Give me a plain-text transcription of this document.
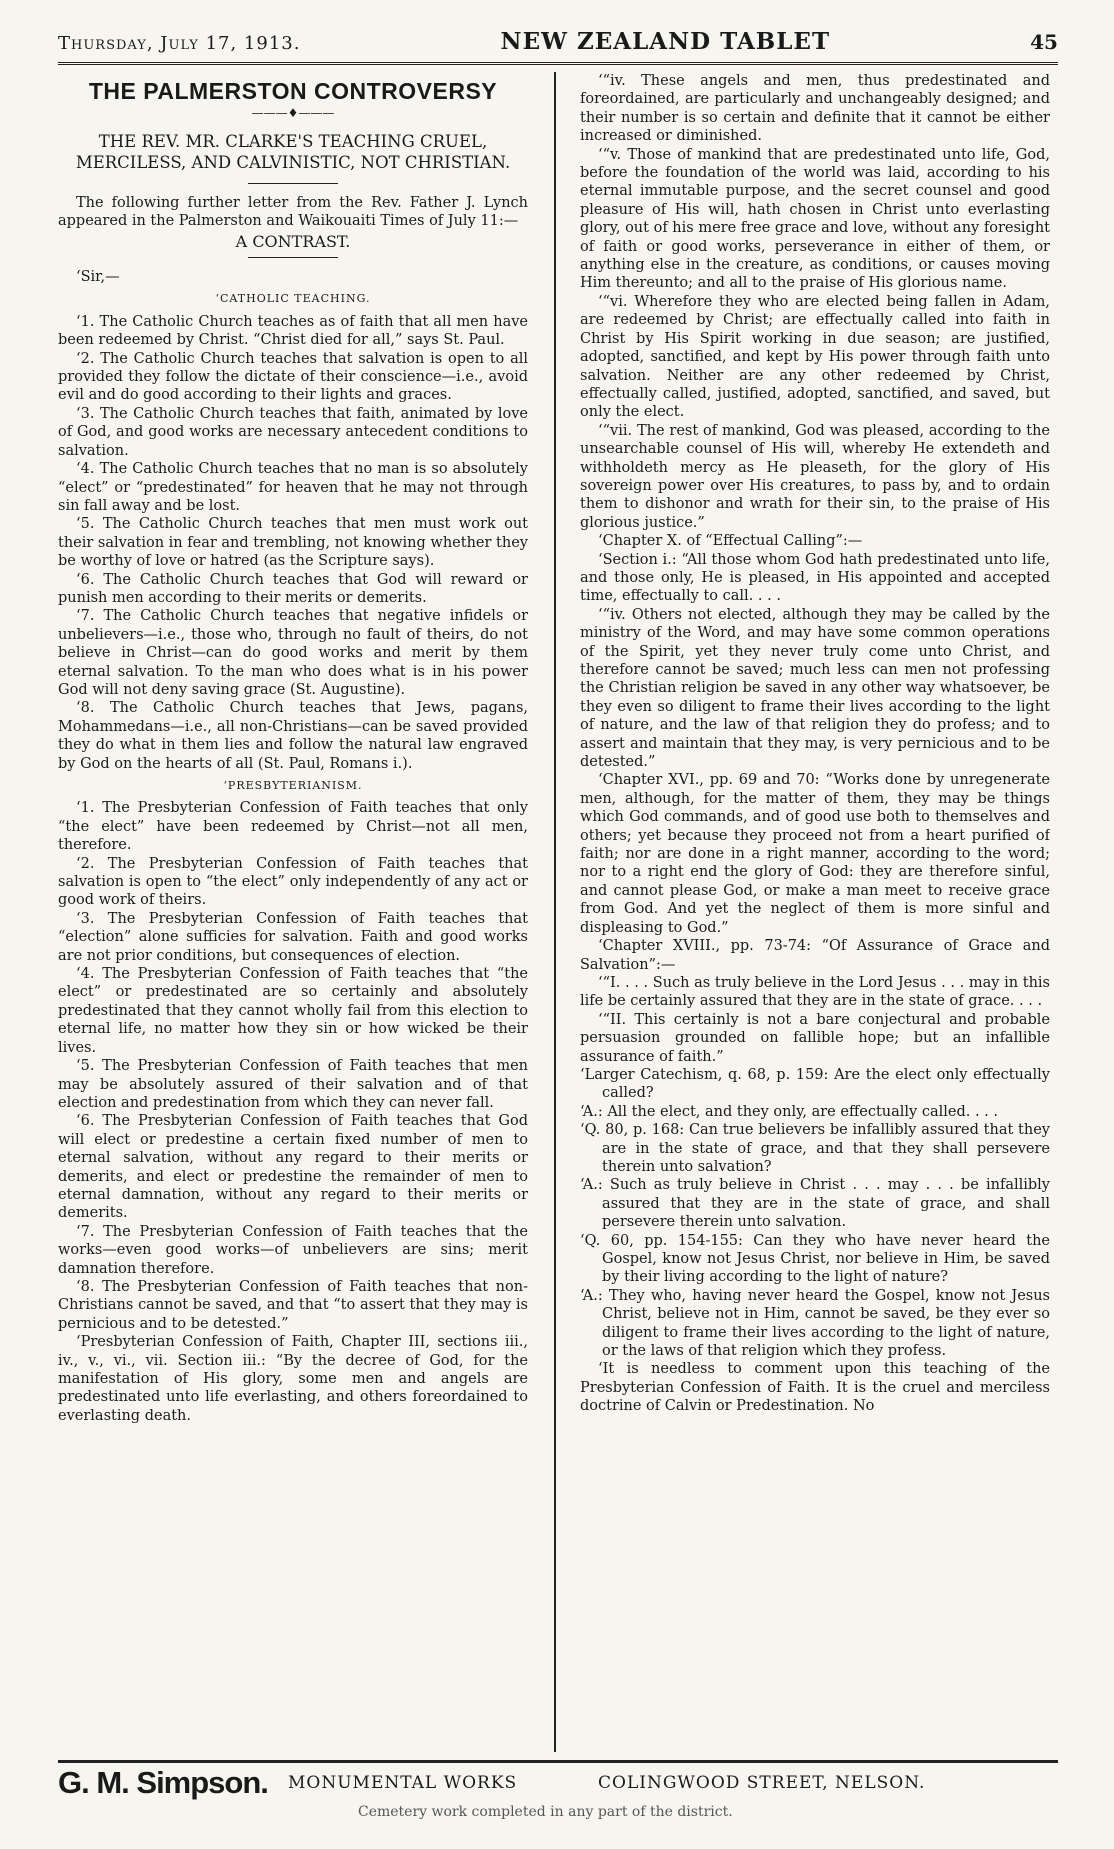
Thursday, July 17, 1913.	NEW ZEALAND TABLET	45
THE PALMERSTON CONTROVERSY
———♦———
THE REV. MR. CLARKE'S TEACHING CRUEL, MERCILESS, AND CALVINISTIC, NOT CHRISTIAN.

The following further letter from the Rev. Father J. Lynch appeared in the Palmerston and Waikouaiti Times of July 11:—

A CONTRAST.

‘Sir,—

‘CATHOLIC TEACHING.

‘1. The Catholic Church teaches as of faith that all men have been redeemed by Christ. “Christ died for all,” says St. Paul.

‘2. The Catholic Church teaches that salvation is open to all provided they follow the dictate of their conscience—i.e., avoid evil and do good according to their lights and graces.

‘3. The Catholic Church teaches that faith, animated by love of God, and good works are necessary antecedent conditions to salvation.

‘4. The Catholic Church teaches that no man is so absolutely “elect” or “predestinated” for heaven that he may not through sin fall away and be lost.

‘5. The Catholic Church teaches that men must work out their salvation in fear and trembling, not knowing whether they be worthy of love or hatred (as the Scripture says).

‘6. The Catholic Church teaches that God will reward or punish men according to their merits or demerits.

‘7. The Catholic Church teaches that negative infidels or unbelievers—i.e., those who, through no fault of theirs, do not believe in Christ—can do good works and merit by them eternal salvation. To the man who does what is in his power God will not deny saving grace (St. Augustine).

‘8. The Catholic Church teaches that Jews, pagans, Mohammedans—i.e., all non-Christians—can be saved provided they do what in them lies and follow the natural law engraved by God on the hearts of all (St. Paul, Romans i.).

‘PRESBYTERIANISM.

‘1. The Presbyterian Confession of Faith teaches that only “the elect” have been redeemed by Christ—not all men, therefore.

‘2. The Presbyterian Confession of Faith teaches that salvation is open to “the elect” only independently of any act or good work of theirs.

‘3. The Presbyterian Confession of Faith teaches that “election” alone sufficies for salvation. Faith and good works are not prior conditions, but consequences of election.

‘4. The Presbyterian Confession of Faith teaches that “the elect” or predestinated are so certainly and absolutely predestinated that they cannot wholly fail from this election to eternal life, no matter how they sin or how wicked be their lives.

‘5. The Presbyterian Confession of Faith teaches that men may be absolutely assured of their salvation and of that election and predestination from which they can never fall.

‘6. The Presbyterian Confession of Faith teaches that God will elect or predestine a certain fixed number of men to eternal salvation, without any regard to their merits or demerits, and elect or predestine the remainder of men to eternal damnation, without any regard to their merits or demerits.

‘7. The Presbyterian Confession of Faith teaches that the works—even good works—of unbelievers are sins; merit damnation therefore.

‘8. The Presbyterian Confession of Faith teaches that non-Christians cannot be saved, and that “to assert that they may is pernicious and to be detested.”

‘Presbyterian Confession of Faith, Chapter III, sections iii., iv., v., vi., vii. Section iii.: “By the decree of God, for the manifestation of His glory, some men and angels are predestinated unto life everlasting, and others foreordained to everlasting death.

‘“iv. These angels and men, thus predestinated and foreordained, are particularly and unchangeably designed; and their number is so certain and definite that it cannot be either increased or diminished.

‘“v. Those of mankind that are predestinated unto life, God, before the foundation of the world was laid, according to his eternal immutable purpose, and the secret counsel and good pleasure of His will, hath chosen in Christ unto everlasting glory, out of his mere free grace and love, without any foresight of faith or good works, perseverance in either of them, or anything else in the creature, as conditions, or causes moving Him thereunto; and all to the praise of His glorious name.

‘“vi. Wherefore they who are elected being fallen in Adam, are redeemed by Christ; are effectually called into faith in Christ by His Spirit working in due season; are justified, adopted, sanctified, and kept by His power through faith unto salvation. Neither are any other redeemed by Christ, effectually called, justified, adopted, sanctified, and saved, but only the elect.

‘“vii. The rest of mankind, God was pleased, according to the unsearchable counsel of His will, whereby He extendeth and withholdeth mercy as He pleaseth, for the glory of His sovereign power over His creatures, to pass by, and to ordain them to dishonor and wrath for their sin, to the praise of His glorious justice.”

‘Chapter X. of “Effectual Calling”:—

‘Section i.: “All those whom God hath predestinated unto life, and those only, He is pleased, in His appointed and accepted time, effectually to call. . . .

‘“iv. Others not elected, although they may be called by the ministry of the Word, and may have some common operations of the Spirit, yet they never truly come unto Christ, and therefore cannot be saved; much less can men not professing the Christian religion be saved in any other way whatsoever, be they even so diligent to frame their lives according to the light of nature, and the law of that religion they do profess; and to assert and maintain that they may, is very pernicious and to be detested.”

‘Chapter XVI., pp. 69 and 70: “Works done by unregenerate men, although, for the matter of them, they may be things which God commands, and of good use both to themselves and others; yet because they proceed not from a heart purified of faith; nor are done in a right manner, according to the word; nor to a right end the glory of God: they are therefore sinful, and cannot please God, or make a man meet to receive grace from God. And yet the neglect of them is more sinful and displeasing to God.”

‘Chapter XVIII., pp. 73-74: “Of Assurance of Grace and Salvation”:—

‘“I. . . . Such as truly believe in the Lord Jesus . . . may in this life be certainly assured that they are in the state of grace. . . .

‘“II. This certainly is not a bare conjectural and probable persuasion grounded on fallible hope; but an infallible assurance of faith.”

‘Larger Catechism, q. 68, p. 159: Are the elect only effectually called?

‘A.: All the elect, and they only, are effectually called. . . .

‘Q. 80, p. 168: Can true believers be infallibly assured that they are in the state of grace, and that they shall persevere therein unto salvation?

‘A.: Such as truly believe in Christ . . . may . . . be infallibly assured that they are in the state of grace, and shall persevere therein unto salvation.

‘Q. 60, pp. 154-155: Can they who have never heard the Gospel, know not Jesus Christ, nor believe in Him, be saved by their living according to the light of nature?

‘A.: They who, having never heard the Gospel, know not Jesus Christ, believe not in Him, cannot be saved, be they ever so diligent to frame their lives according to the light of nature, or the laws of that religion which they profess.

‘It is needless to comment upon this teaching of the Presbyterian Confession of Faith. It is the cruel and merciless doctrine of Calvin or Predestination. No

G. M. Simpson.	MONUMENTAL WORKS	COLINGWOOD STREET, NELSON.
Cemetery work completed in any part of the district.
